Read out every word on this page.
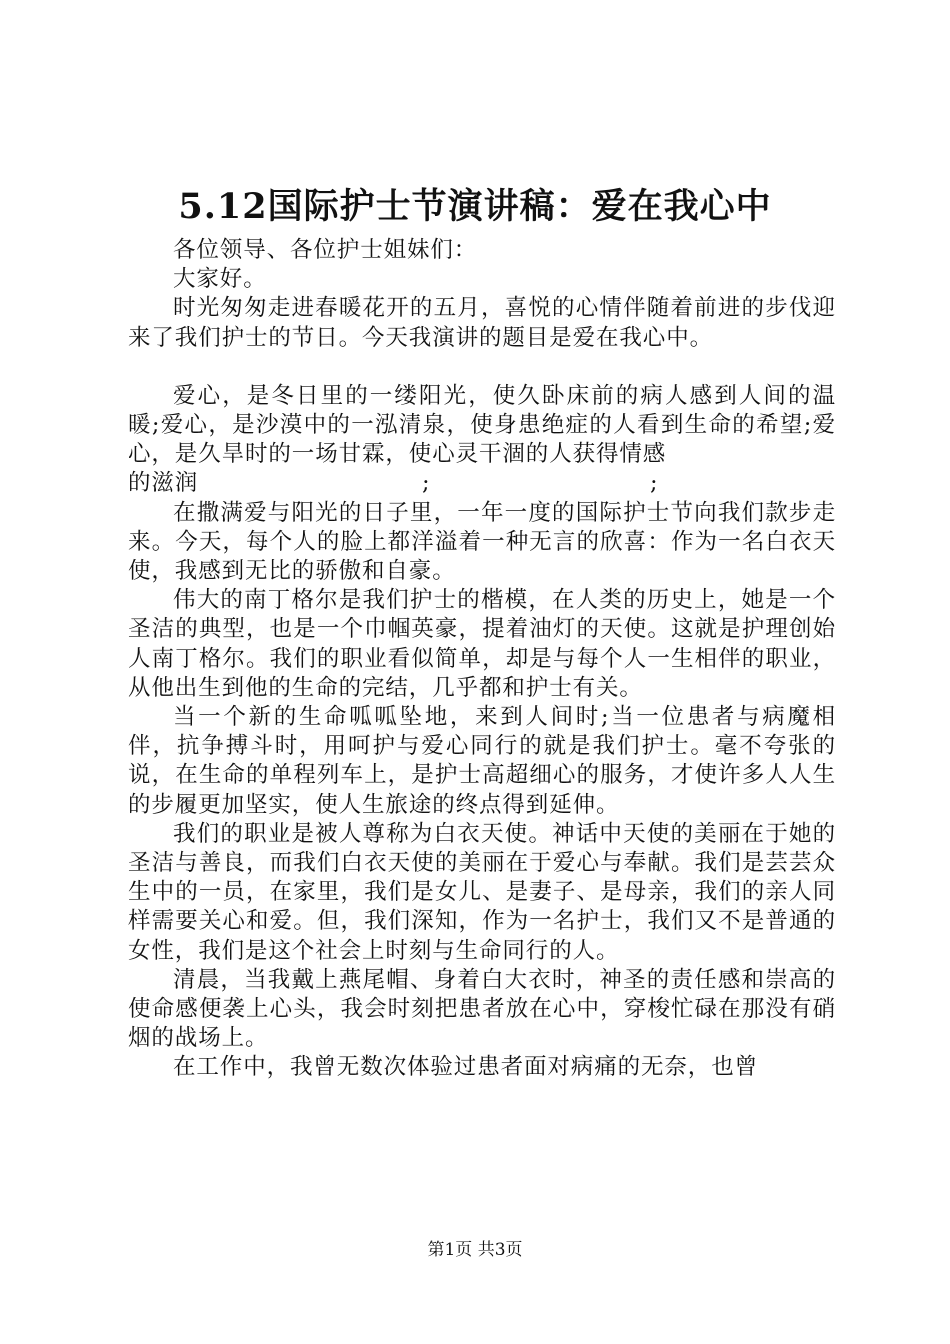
5.12国际护士节演讲稿：爱在我心中

各位领导、各位护士姐妹们：

大家好。

时光匆匆走进春暖花开的五月，喜悦的心情伴随着前进的步伐迎来了我们护士的节日。今天我演讲的题目是爱在我心中。

爱心，是冬日里的一缕阳光，使久卧床前的病人感到人间的温暖;爱心，是沙漠中的一泓清泉，使身患绝症的人看到生命的希望;爱心，是久旱时的一场甘霖，使心灵干涸的人获得情感

的滋润	;	;

在撒满爱与阳光的日子里，一年一度的国际护士节向我们款步走来。今天，每个人的脸上都洋溢着一种无言的欣喜：作为一名白衣天使，我感到无比的骄傲和自豪。

伟大的南丁格尔是我们护士的楷模，在人类的历史上，她是一个圣洁的典型，也是一个巾帼英豪，提着油灯的天使。这就是护理创始人南丁格尔。我们的职业看似简单，却是与每个人一生相伴的职业，从他出生到他的生命的完结，几乎都和护士有关。

当一个新的生命呱呱坠地，来到人间时;当一位患者与病魔相伴，抗争搏斗时，用呵护与爱心同行的就是我们护士。毫不夸张的说，在生命的单程列车上，是护士高超细心的服务，才使许多人人生的步履更加坚实，使人生旅途的终点得到延伸。

我们的职业是被人尊称为白衣天使。神话中天使的美丽在于她的圣洁与善良，而我们白衣天使的美丽在于爱心与奉献。我们是芸芸众生中的一员，在家里，我们是女儿、是妻子、是母亲，我们的亲人同样需要关心和爱。但，我们深知，作为一名护士，我们又不是普通的女性，我们是这个社会上时刻与生命同行的人。

清晨，当我戴上燕尾帽、身着白大衣时，神圣的责任感和崇高的使命感便袭上心头，我会时刻把患者放在心中，穿梭忙碌在那没有硝烟的战场上。

在工作中，我曾无数次体验过患者面对病痛的无奈，也曾

第1页 共3页
